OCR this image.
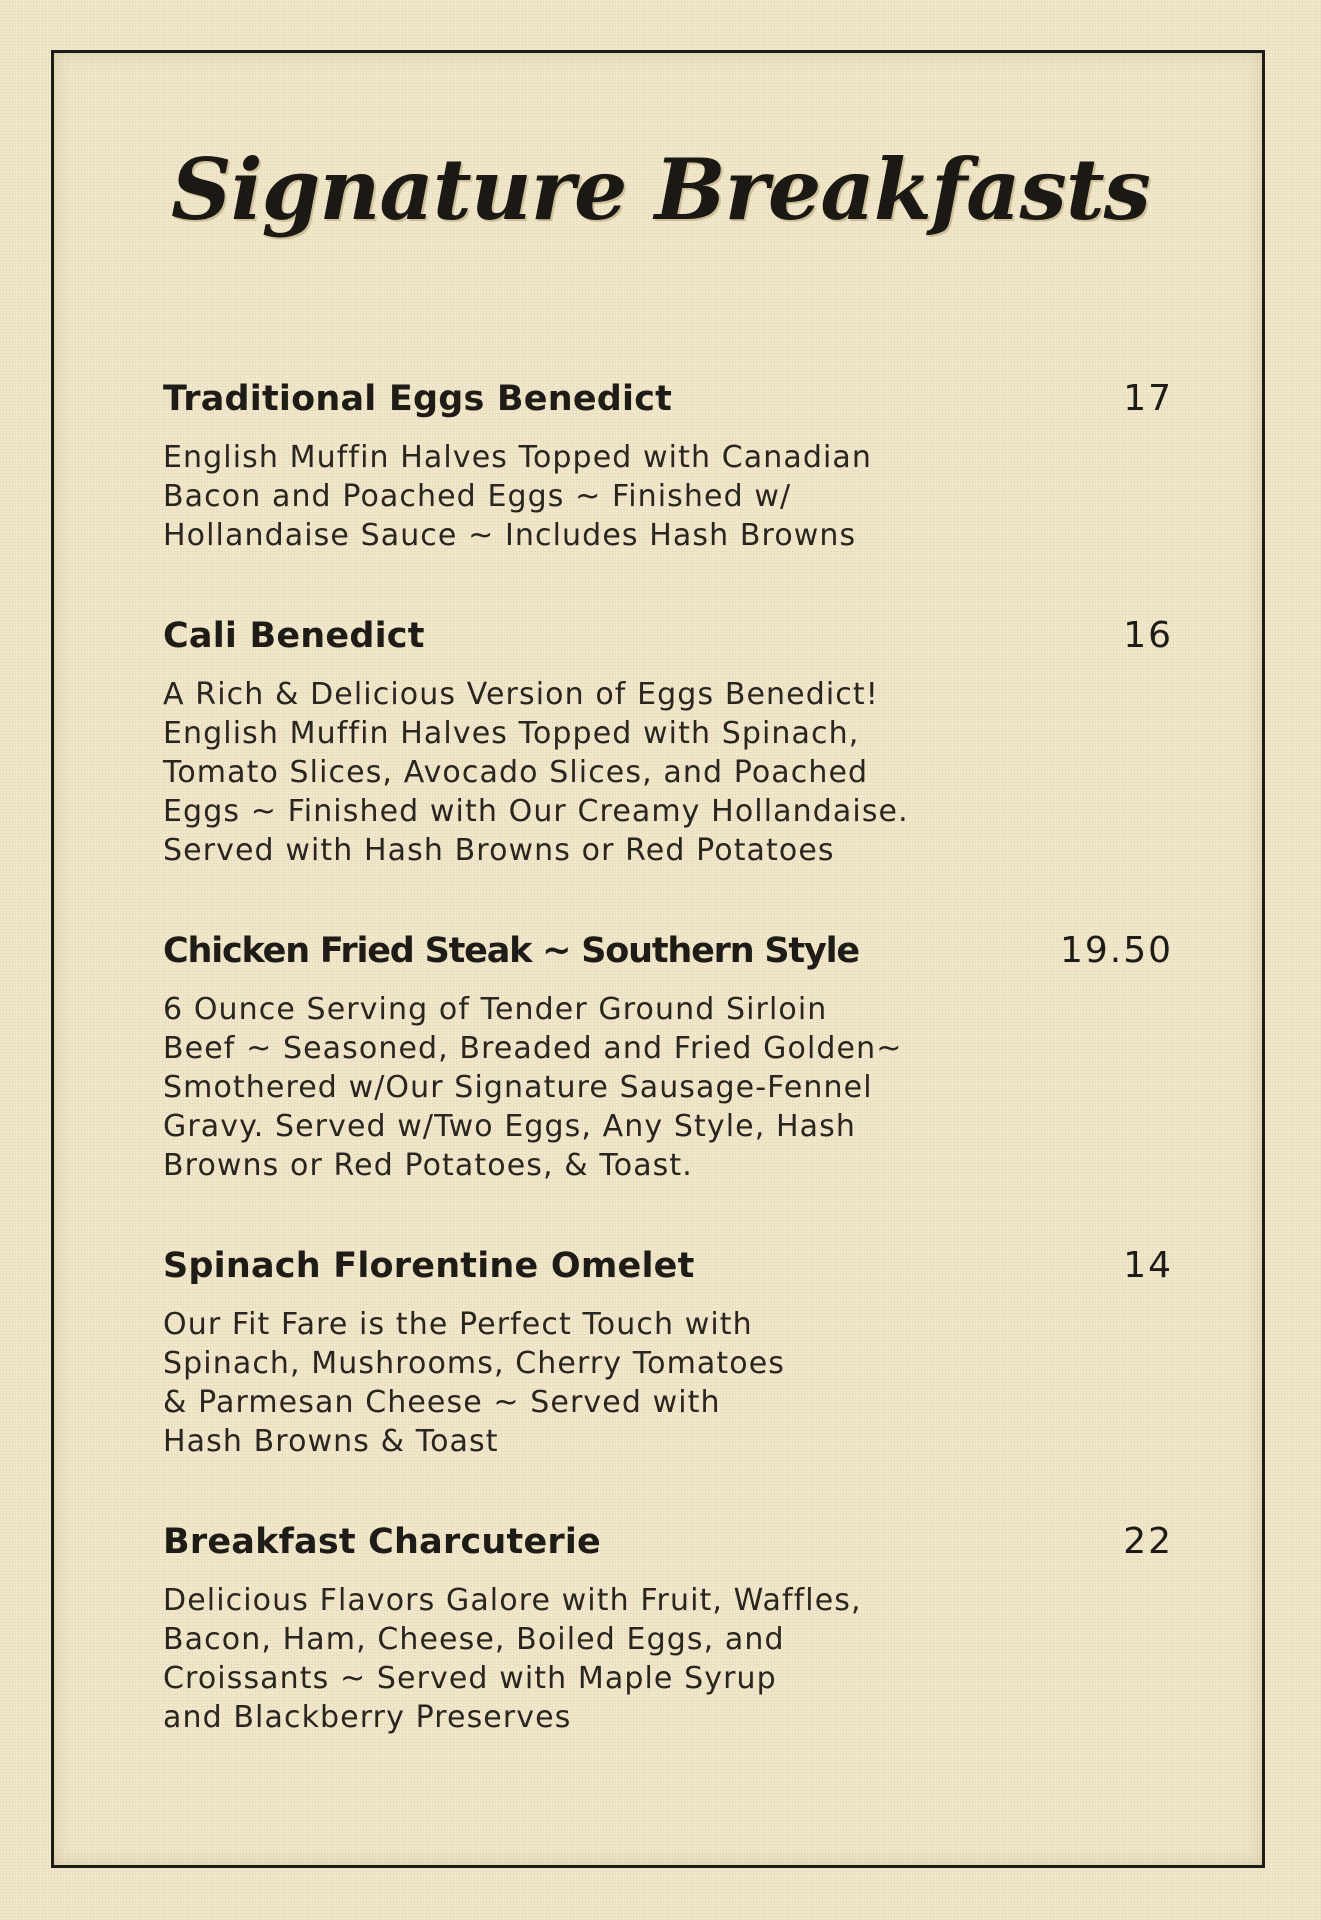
Signature Breakfasts
Traditional Eggs Benedict	17
English Muffin Halves Topped with Canadian
Bacon and Poached Eggs ~ Finished w/
Hollandaise Sauce ~ Includes Hash Browns
Cali Benedict	16
A Rich & Delicious Version of Eggs Benedict!
English Muffin Halves Topped with Spinach,
Tomato Slices, Avocado Slices, and Poached
Eggs ~ Finished with Our Creamy Hollandaise.
Served with Hash Browns or Red Potatoes
Chicken Fried Steak ~ Southern Style	19.50
6 Ounce Serving of Tender Ground Sirloin
Beef ~ Seasoned, Breaded and Fried Golden~
Smothered w/Our Signature Sausage-Fennel
Gravy. Served w/Two Eggs, Any Style, Hash
Browns or Red Potatoes, & Toast.
Spinach Florentine Omelet	14
Our Fit Fare is the Perfect Touch with
Spinach, Mushrooms, Cherry Tomatoes
& Parmesan Cheese ~ Served with
Hash Browns & Toast
Breakfast Charcuterie	22
Delicious Flavors Galore with Fruit, Waffles,
Bacon, Ham, Cheese, Boiled Eggs, and
Croissants ~ Served with Maple Syrup
and Blackberry Preserves
